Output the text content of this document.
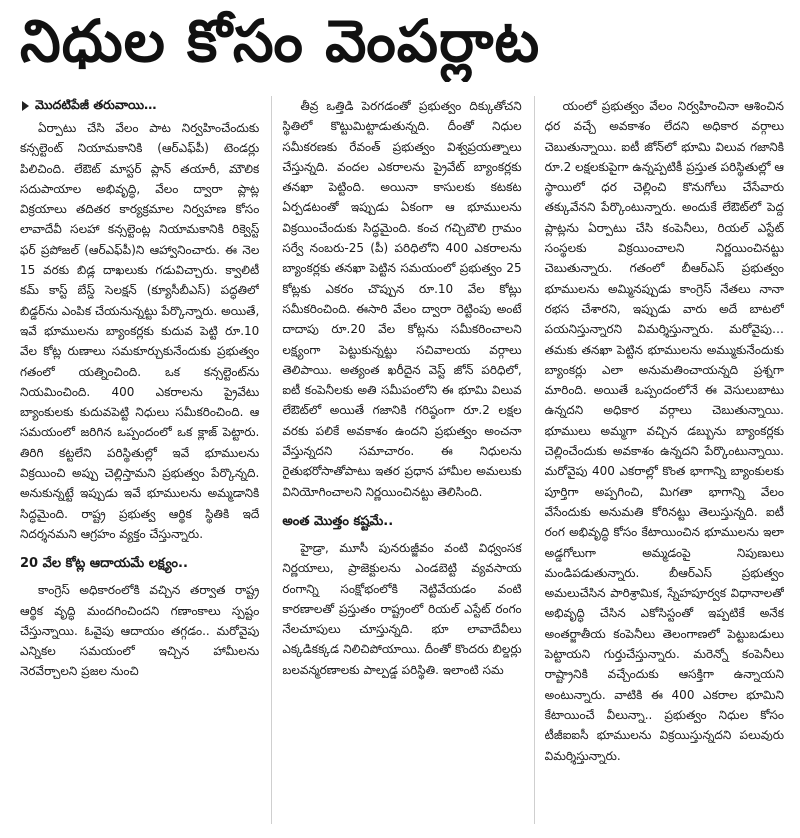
నిధుల కోసం వెంపర్లాట
మొదటిపేజీ తరువాయి…

ఏర్పాటు చేసి వేలం పాట నిర్వహించేందుకు కన్సల్టెంట్ నియామకానికి (ఆర్‌ఎఫ్‌పీ) టెండర్లు పిలిచింది. లేఔట్ మాస్టర్ ప్లాన్ తయారీ, మౌలిక సదుపాయాల అభివృద్ధి, వేలం ద్వారా ప్లాట్ల విక్రయాలు తదితర కార్యక్రమాల నిర్వహణ కోసం లావాదేవీ సలహా కన్సల్టెంట్ల నియామకానికి రిక్వెస్ట్ ఫర్ ప్రపోజల్ (ఆర్‌ఎఫ్‌పీ)ని ఆహ్వానించారు. ఈ నెల 15 వరకు బిడ్ల దాఖలుకు గడువిచ్చారు. క్వాలిటీ కమ్ కాస్ట్ బేస్డ్ సెలక్షన్ (క్యూసీబీఎస్) పద్ధతిలో బిడ్డర్‌ను ఎంపిక చేయనున్నట్టు పేర్కొన్నారు. అయితే, ఇవే భూములను బ్యాంకర్లకు కుదువ పెట్టి రూ.10 వేల కోట్ల రుణాలు సమకూర్చుకునేందుకు ప్రభుత్వం గతంలో యత్నించింది. ఒక కన్సల్టెంట్‌ను నియమించింది. 400 ఎకరాలను ప్రైవేటు బ్యాంకులకు కుదువపెట్టి నిధులు సమీకరించింది. ఆ సమయంలో జరిగిన ఒప్పందంలో ఒక క్లాజ్ పెట్టారు. తిరిగి కట్టలేని పరిస్థితుల్లో ఇవే భూములను విక్రయించి అప్పు చెల్లిస్తామని ప్రభుత్వం పేర్కొన్నది. అనుకున్నట్టే ఇప్పుడు ఇవే భూములను అమ్మడానికి సిద్ధమైంది. రాష్ట్ర ప్రభుత్వ ఆర్థిక స్థితికి ఇదే నిదర్శనమని ఆగ్రహం వ్యక్తం చేస్తున్నారు.

20 వేల కోట్ల ఆదాయమే లక్ష్యం..

కాంగ్రెస్ అధికారంలోకి వచ్చిన తర్వాత రాష్ట్ర ఆర్థిక వృద్ధి మందగించిందని గణాంకాలు స్పష్టం చేస్తున్నాయి. ఓవైపు ఆదాయం తగ్గడం.. మరోవైపు ఎన్నికల సమయంలో ఇచ్చిన హామీలను నెరవేర్చాలని ప్రజల నుంచి

తీవ్ర ఒత్తిడి పెరగడంతో ప్రభుత్వం దిక్కుతోచని స్థితిలో కొట్టుమిట్టాడుతున్నది. దీంతో నిధుల సమీకరణకు రేవంత్ ప్రభుత్వం విశ్వప్రయత్నాలు చేస్తున్నది. వందల ఎకరాలను ప్రైవేట్ బ్యాంకర్లకు తనఖా పెట్టింది. అయినా కాసులకు కటకట ఏర్పడటంతో ఇప్పుడు ఏకంగా ఆ భూములను విక్రయించేందుకు సిద్ధమైంది. కంచ గచ్చిబౌలి గ్రామం సర్వే నంబరు-25 (పీ) పరిధిలోని 400 ఎకరాలను బ్యాంకర్లకు తనఖా పెట్టిన సమయంలో ప్రభుత్వం 25 కోట్లకు ఎకరం చొప్పున రూ.10 వేల కోట్లు సమీకరించింది. ఈసారి వేలం ద్వారా రెట్టింపు అంటే దాదాపు రూ.20 వేల కోట్లను సమీకరించాలని లక్ష్యంగా పెట్టుకున్నట్టు సచివాలయ వర్గాలు తెలిపాయి. అత్యంత ఖరీదైన వెస్ట్ జోన్ పరిధిలో, ఐటీ కంపెనీలకు అతి సమీపంలోని ఈ భూమి విలువ లేఔట్‌లో అయితే గజానికి గరిష్ఠంగా రూ.2 లక్షల వరకు పలికే అవకాశం ఉందని ప్రభుత్వం అంచనా వేస్తున్నదని సమాచారం. ఈ నిధులను రైతుభరోసాతోపాటు ఇతర ప్రధాన హామీల అమలుకు వినియోగించాలని నిర్ణయించినట్టు తెలిసింది.

అంత మొత్తం కష్టమే..

హైడ్రా, మూసీ పునరుజ్జీవం వంటి విధ్వంసక నిర్ణయాలు, ప్రాజెక్టులను ఎండబెట్టి వ్యవసాయ రంగాన్ని సంక్షోభంలోకి నెట్టివేయడం వంటి కారణాలతో ప్రస్తుతం రాష్ట్రంలో రియల్ ఎస్టేట్ రంగం నేలచూపులు చూస్తున్నది. భూ లావాదేవీలు ఎక్కడికక్కడ నిలిచిపోయాయి. దీంతో కొందరు బిల్డర్లు బలవన్మరణాలకు పాల్పడ్డ పరిస్థితి. ఇలాంటి సమ

యంలో ప్రభుత్వం వేలం నిర్వహించినా ఆశించిన ధర వచ్చే అవకాశం లేదని అధికార వర్గాలు చెబుతున్నాయి. ఐటీ జోన్‌లో భూమి విలువ గజానికి రూ.2 లక్షలకుపైగా ఉన్నప్పటికీ ప్రస్తుత పరిస్థితుల్లో ఆ స్థాయిలో ధర చెల్లించి కొనుగోలు చేసేవారు తక్కువేనని పేర్కొంటున్నారు. అందుకే లేఔట్‌లో పెద్ద ప్లాట్లను ఏర్పాటు చేసి కంపెనీలు, రియల్ ఎస్టేట్ సంస్థలకు విక్రయించాలని నిర్ణయించినట్టు చెబుతున్నారు. గతంలో బీఆర్‌ఎస్ ప్రభుత్వం భూములను అమ్మినప్పుడు కాంగ్రెస్ నేతలు నానా రభస చేశారని, ఇప్పుడు వారు అదే బాటలో పయనిస్తున్నారని విమర్శిస్తున్నారు. మరోవైపు… తమకు తనఖా పెట్టిన భూములను అమ్ముకునేందుకు బ్యాంకర్లు ఎలా అనుమతించాయన్నది ప్రశ్నగా మారింది. అయితే ఒప్పందంలోనే ఈ వెసులుబాటు ఉన్నదని అధికార వర్గాలు చెబుతున్నాయి. భూములు అమ్మగా వచ్చిన డబ్బును బ్యాంకర్లకు చెల్లించేందుకు అవకాశం ఉన్నదని పేర్కొంటున్నాయి. మరోవైపు 400 ఎకరాల్లో కొంత భాగాన్ని బ్యాంకులకు పూర్తిగా అప్పగించి, మిగతా భాగాన్ని వేలం వేసేందుకు అనుమతి కోరినట్టు తెలుస్తున్నది. ఐటీ రంగ అభివృద్ధి కోసం కేటాయించిన భూములను ఇలా అడ్డగోలుగా అమ్మడంపై నిపుణులు మండిపడుతున్నారు. బీఆర్‌ఎస్ ప్రభుత్వం అమలుచేసిన పారిశ్రామిక, స్నేహపూర్వక విధానాలతో అభివృద్ధి చేసిన ఎకోసిస్టంతో ఇప్పటికే అనేక అంతర్జాతీయ కంపెనీలు తెలంగాణలో పెట్టుబడులు పెట్టాయని గుర్తుచేస్తున్నారు. మరెన్నో కంపెనీలు రాష్ట్రానికి వచ్చేందుకు ఆసక్తిగా ఉన్నాయని అంటున్నారు. వాటికి ఈ 400 ఎకరాల భూమిని కేటాయించే వీలున్నా.. ప్రభుత్వం నిధుల కోసం టీజీఐఐసీ భూములను విక్రయిస్తున్నదని పలువురు విమర్శిస్తున్నారు.
